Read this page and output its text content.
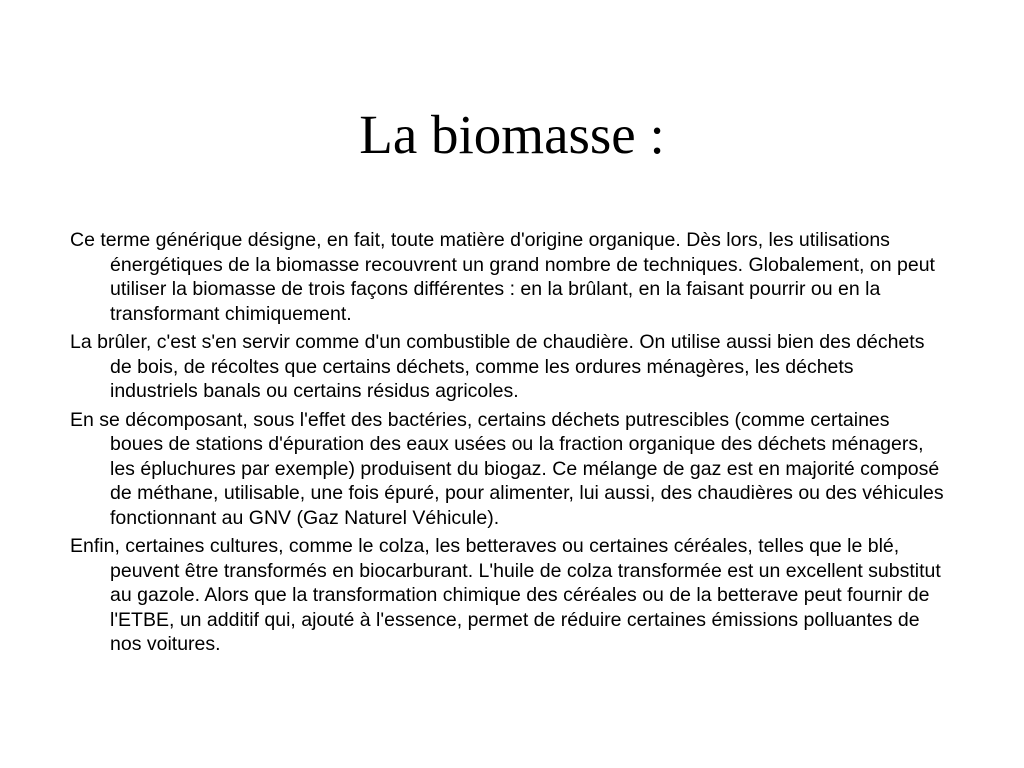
La biomasse :

Ce terme générique désigne, en fait, toute matière d'origine organique. Dès lors, les utilisations énergétiques de la biomasse recouvrent un grand nombre de techniques. Globalement, on peut utiliser la biomasse de trois façons différentes : en la brûlant, en la faisant pourrir ou en la transformant chimiquement.

La brûler, c'est s'en servir comme d'un combustible de chaudière. On utilise aussi bien des déchets de bois, de récoltes que certains déchets, comme les ordures ménagères, les déchets industriels banals ou certains résidus agricoles.

En se décomposant, sous l'effet des bactéries, certains déchets putrescibles (comme certaines boues de stations d'épuration des eaux usées ou la fraction organique des déchets ménagers, les épluchures par exemple) produisent du biogaz. Ce mélange de gaz est en majorité composé de méthane, utilisable, une fois épuré, pour alimenter, lui aussi, des chaudières ou des véhicules fonctionnant au GNV (Gaz Naturel Véhicule).

Enfin, certaines cultures, comme le colza, les betteraves ou certaines céréales, telles que le blé, peuvent être transformés en biocarburant. L'huile de colza transformée est un excellent substitut au gazole. Alors que la transformation chimique des céréales ou de la betterave peut fournir de l'ETBE, un additif qui, ajouté à l'essence, permet de réduire certaines émissions polluantes de nos voitures.
